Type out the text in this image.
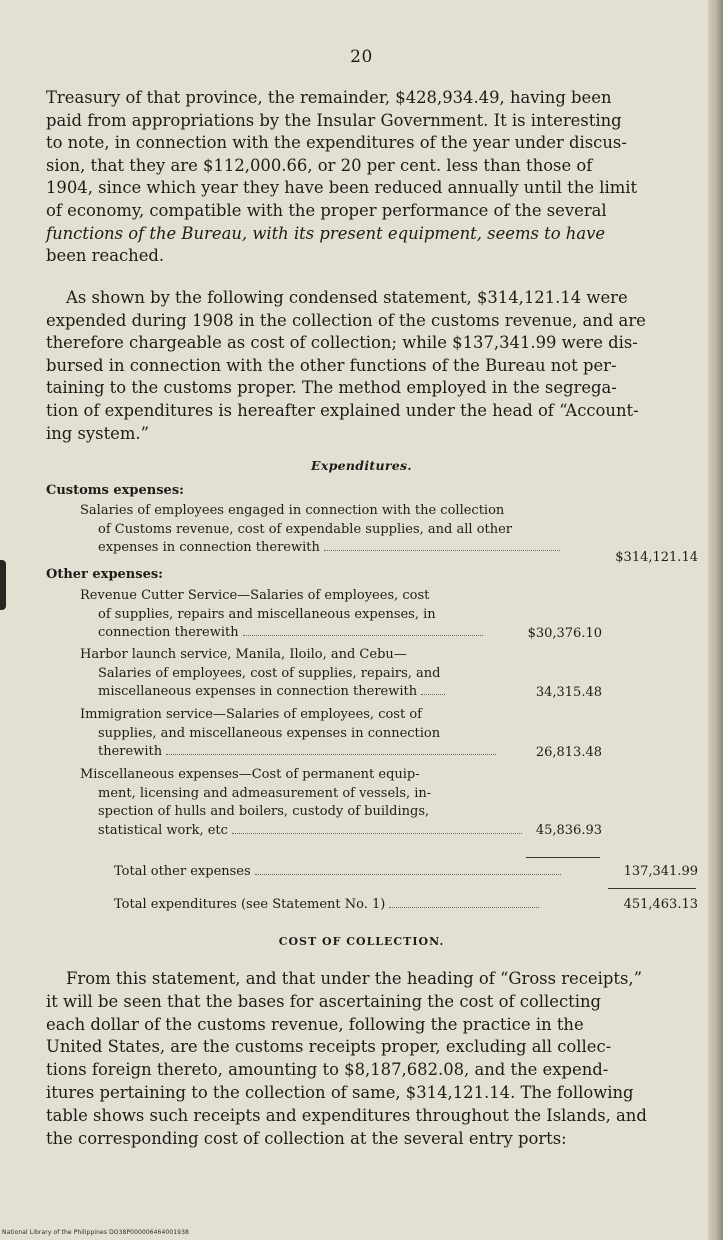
20

Treasury of that province, the remainder, $428,934.49, having been

paid from appropriations by the Insular Government. It is interesting

to note, in connection with the expenditures of the year under discus-

sion, that they are $112,000.66, or 20 per cent. less than those of

1904, since which year they have been reduced annually until the limit

of economy, compatible with the proper performance of the several

functions of the Bureau, with its present equipment, seems to have

been reached.

As shown by the following condensed statement, $314,121.14 were

expended during 1908 in the collection of the customs revenue, and are

therefore chargeable as cost of collection; while $137,341.99 were dis-

bursed in connection with the other functions of the Bureau not per-

taining to the customs proper. The method employed in the segrega-

tion of expenditures is hereafter explained under the head of “Account-

ing system.”

Expenditures.
Customs expenses:
Salaries of employees engaged in connection with the collection
of Customs revenue, cost of expendable supplies, and all other
expenses in connection therewith
$314,121.14
Other expenses:
Revenue Cutter Service—Salaries of employees, cost
of supplies, repairs and miscellaneous expenses, in
connection therewith	$30,376.10
Harbor launch service, Manila, Iloilo, and Cebu—
Salaries of employees, cost of supplies, repairs, and
miscellaneous expenses in connection therewith	34,315.48
Immigration service—Salaries of employees, cost of
supplies, and miscellaneous expenses in connection
therewith	26,813.48
Miscellaneous expenses—Cost of permanent equip-
ment, licensing and admeasurement of vessels, in-
spection of hulls and boilers, custody of buildings,
statistical work, etc	45,836.93
Total other expenses	137,341.99
Total expenditures (see Statement No. 1)	451,463.13
COST OF COLLECTION.

From this statement, and that under the heading of “Gross receipts,”

it will be seen that the bases for ascertaining the cost of collecting

each dollar of the customs revenue, following the practice in the

United States, are the customs receipts proper, excluding all collec-

tions foreign thereto, amounting to $8,187,682.08, and the expend-

itures pertaining to the collection of same, $314,121.14. The following

table shows such receipts and expenditures throughout the Islands, and

the corresponding cost of collection at the several entry ports:

National Library of the Philippines DO38P000006464001938
